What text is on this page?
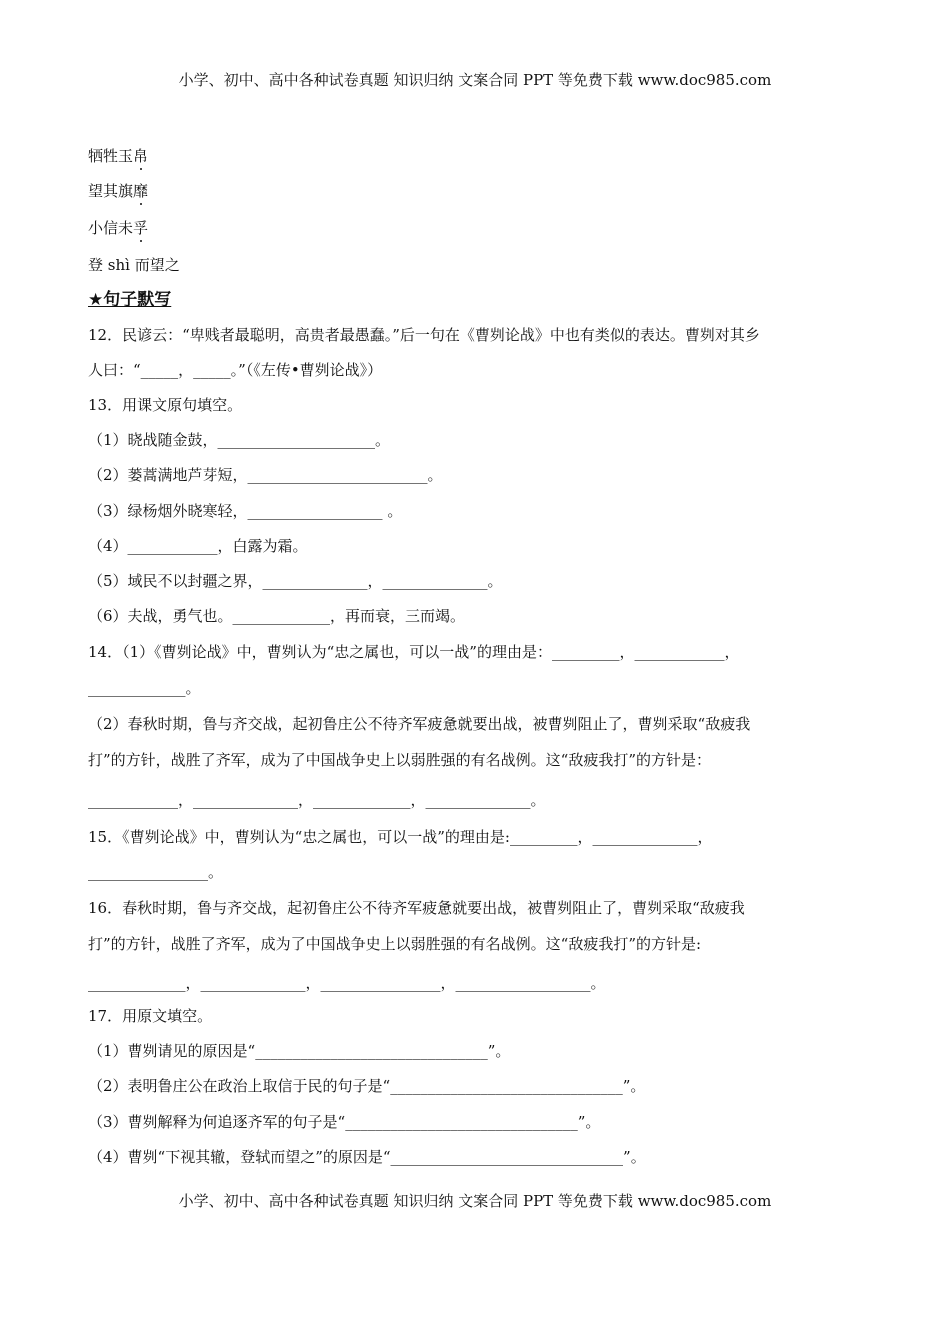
小学、初中、高中各种试卷真题 知识归纳 文案合同 PPT 等免费下载 www.doc985.com
牺牲玉帛
望其旗靡
小信未孚
登 shì 而望之
★句子默写
12．民谚云：“卑贱者最聪明，高贵者最愚蠢。”后一句在《曹刿论战》中也有类似的表达。曹刿对其乡
人曰：“_____，_____。”（《左传•曹刿论战》）
13．用课文原句填空。
（1）晓战随金鼓，_____________________。
（2）蒌蒿满地芦芽短，________________________。
（3）绿杨烟外晓寒轻，__________________ 。
（4）____________，白露为霜。
（5）域民不以封疆之界，______________，______________。
（6）夫战，勇气也。_____________，再而衰，三而竭。
14．（1）《曹刿论战》中，曹刿认为“忠之属也，可以一战”的理由是：_________，____________，
_____________。
（2）春秋时期，鲁与齐交战，起初鲁庄公不待齐军疲惫就要出战，被曹刿阻止了，曹刿采取“敌疲我
打”的方针，战胜了齐军，成为了中国战争史上以弱胜强的有名战例。这“敌疲我打”的方针是：
____________，______________，_____________，______________。
15．《曹刿论战》中，曹刿认为“忠之属也，可以一战”的理由是:_________，______________，
________________。
16．春秋时期，鲁与齐交战，起初鲁庄公不待齐军疲惫就要出战，被曹刿阻止了，曹刿采取“敌疲我
打”的方针，战胜了齐军，成为了中国战争史上以弱胜强的有名战例。这“敌疲我打”的方针是:
_____________，______________，________________，__________________。
17．用原文填空。
（1）曹刿请见的原因是“_______________________________”。
（2）表明鲁庄公在政治上取信于民的句子是“_______________________________”。
（3）曹刿解释为何追逐齐军的句子是“_______________________________”。
（4）曹刿“下视其辙，登轼而望之”的原因是“_______________________________”。
小学、初中、高中各种试卷真题 知识归纳 文案合同 PPT 等免费下载 www.doc985.com
